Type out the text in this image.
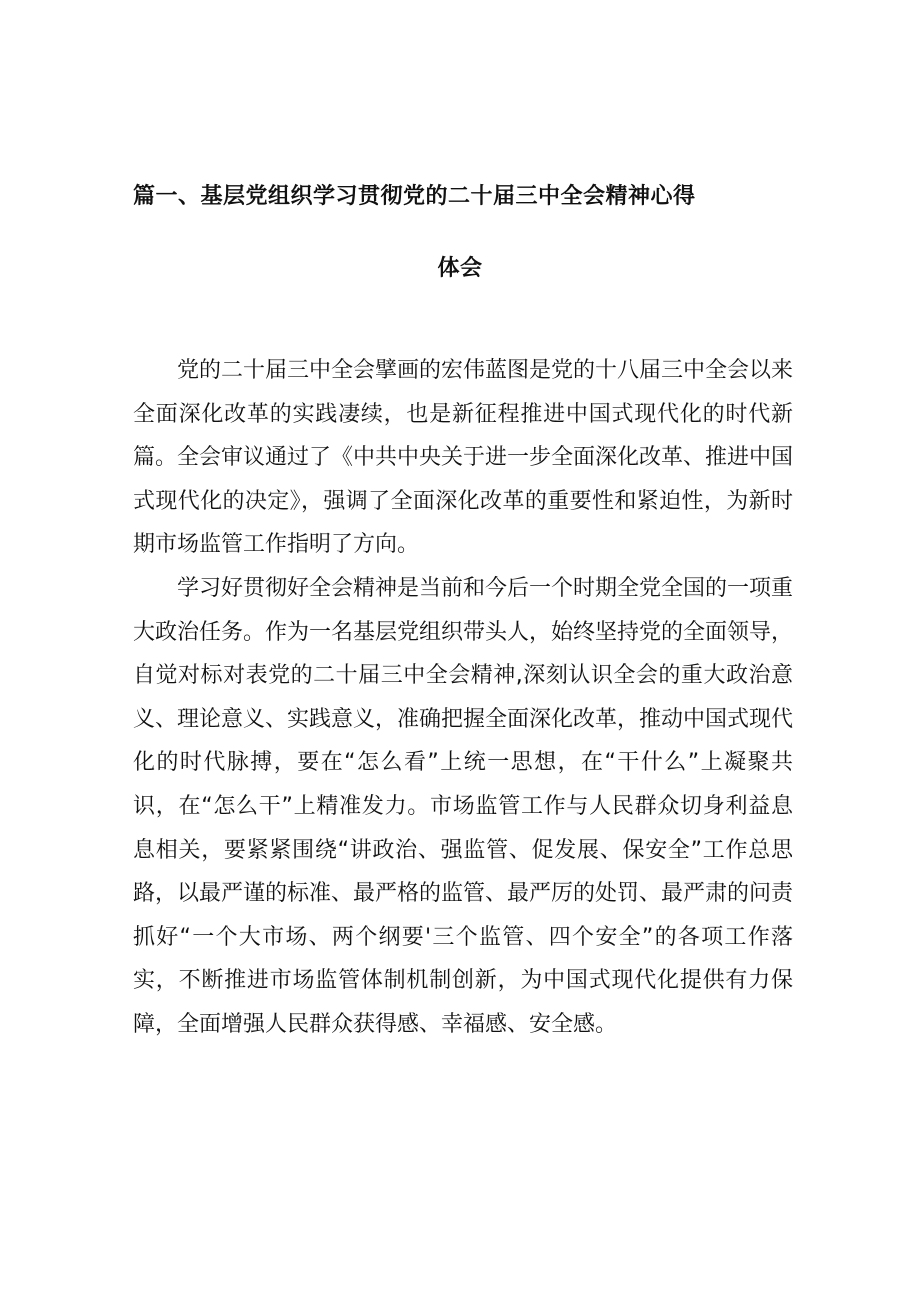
篇一、基层党组织学习贯彻党的二十届三中全会精神心得
体会

党的二十届三中全会擘画的宏伟蓝图是党的十八届三中全会以来全面深化改革的实践凄续，也是新征程推进中国式现代化的时代新篇。全会审议通过了《中共中央关于进一步全面深化改革、推进中国式现代化的决定》，强调了全面深化改革的重要性和紧迫性，为新时期市场监管工作指明了方向。

学习好贯彻好全会精神是当前和今后一个时期全党全国的一项重大政治任务。作为一名基层党组织带头人，始终坚持党的全面领导，自觉对标对表党的二十届三中全会精神,深刻认识全会的重大政治意义、理论意义、实践意义，准确把握全面深化改革，推动中国式现代化的时代脉搏，要在“怎么看”上统一思想，在“干什么”上凝聚共识，在“怎么干”上精准发力。市场监管工作与人民群众切身利益息息相关，要紧紧围绕“讲政治、强监管、促发展、保安全”工作总思路，以最严谨的标准、最严格的监管、最严厉的处罚、最严肃的问责抓好“一个大市场、两个纲要'三个监管、四个安全”的各项工作落实，不断推进市场监管体制机制创新，为中国式现代化提供有力保障，全面增强人民群众获得感、幸福感、安全感。
